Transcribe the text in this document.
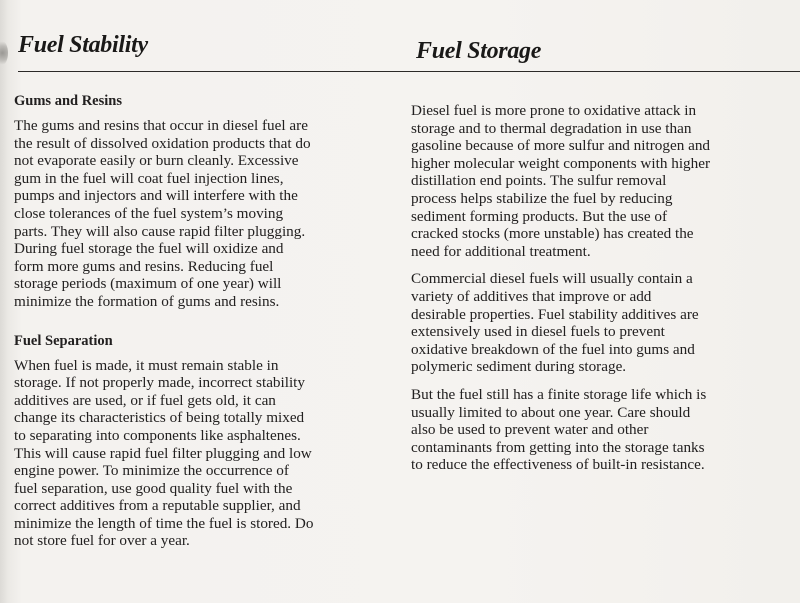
Fuel Stability	Fuel Storage
Gums and Resins

The gums and resins that occur in diesel fuel are
the result of dissolved oxidation products that do
not evaporate easily or burn cleanly. Excessive
gum in the fuel will coat fuel injection lines,
pumps and injectors and will interfere with the
close tolerances of the fuel system’s moving
parts. They will also cause rapid filter plugging.
During fuel storage the fuel will oxidize and
form more gums and resins. Reducing fuel
storage periods (maximum of one year) will
minimize the formation of gums and resins.

Fuel Separation

When fuel is made, it must remain stable in
storage. If not properly made, incorrect stability
additives are used, or if fuel gets old, it can
change its characteristics of being totally mixed
to separating into components like asphaltenes.
This will cause rapid fuel filter plugging and low
engine power. To minimize the occurrence of
fuel separation, use good quality fuel with the
correct additives from a reputable supplier, and
minimize the length of time the fuel is stored. Do
not store fuel for over a year.

Diesel fuel is more prone to oxidative attack in
storage and to thermal degradation in use than
gasoline because of more sulfur and nitrogen and
higher molecular weight components with higher
distillation end points. The sulfur removal
process helps stabilize the fuel by reducing
sediment forming products. But the use of
cracked stocks (more unstable) has created the
need for additional treatment.

Commercial diesel fuels will usually contain a
variety of additives that improve or add
desirable properties. Fuel stability additives are
extensively used in diesel fuels to prevent
oxidative breakdown of the fuel into gums and
polymeric sediment during storage.

But the fuel still has a finite storage life which is
usually limited to about one year. Care should
also be used to prevent water and other
contaminants from getting into the storage tanks
to reduce the effectiveness of built-in resistance.
